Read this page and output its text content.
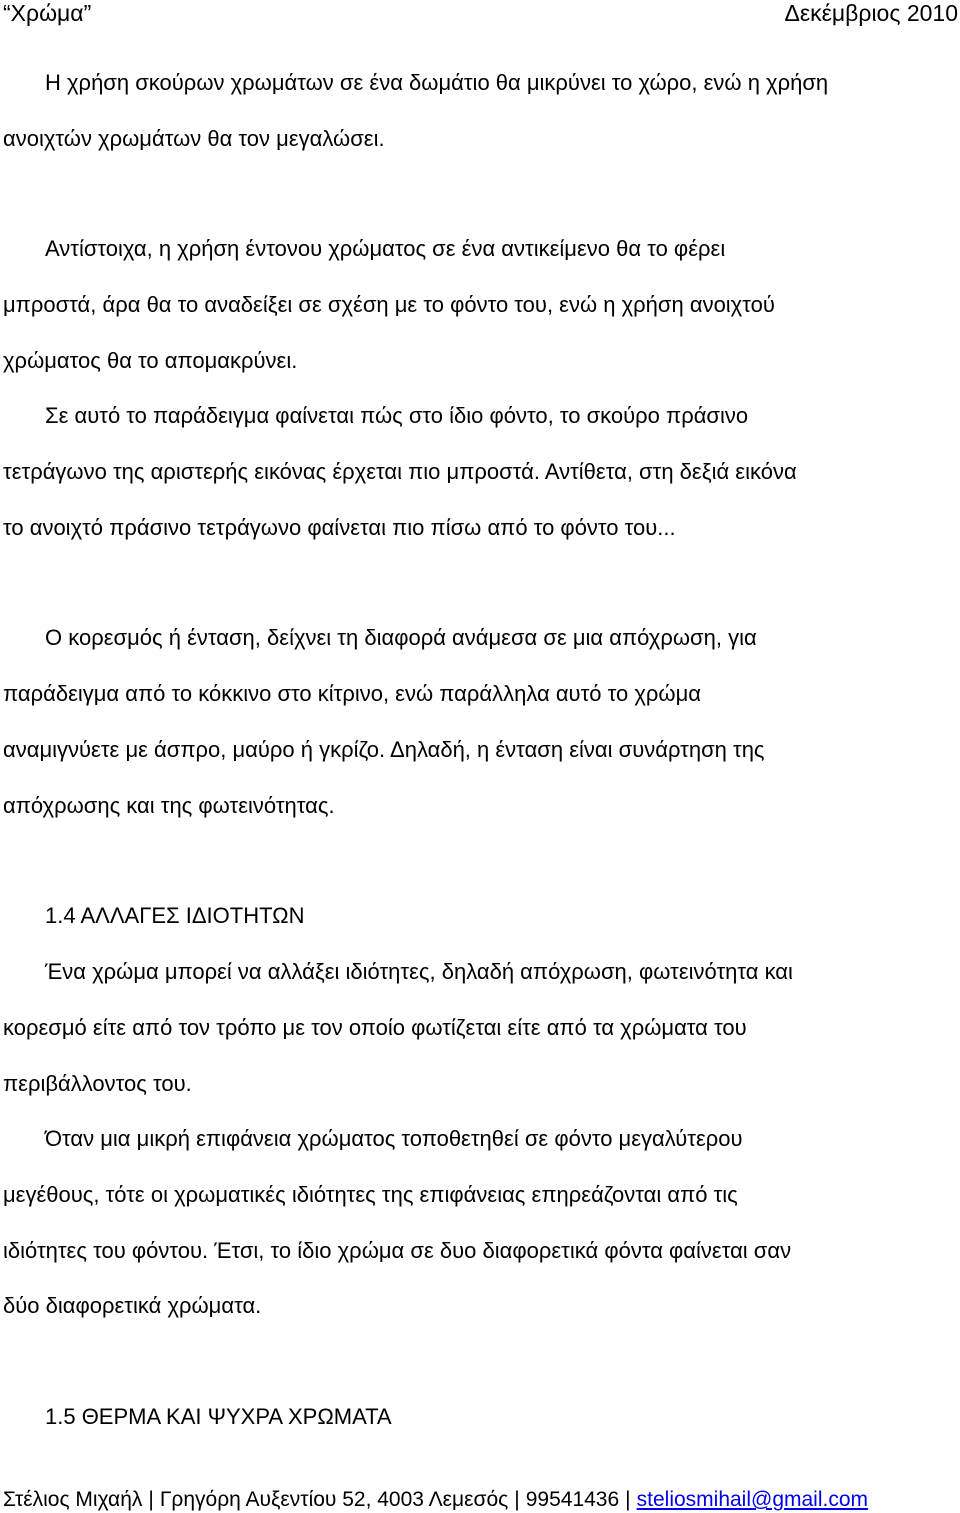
“Χρώμα”	Δεκέμβριος 2010
Η χρήση σκούρων χρωμάτων σε ένα δωμάτιο θα μικρύνει το χώρο, ενώ η χρήση
ανοιχτών χρωμάτων θα τον μεγαλώσει.
Αντίστοιχα, η χρήση έντονου χρώματος σε ένα αντικείμενο θα το φέρει
μπροστά, άρα θα το αναδείξει σε σχέση με το φόντο του, ενώ η χρήση ανοιχτού
χρώματος θα το απομακρύνει.
Σε αυτό το παράδειγμα φαίνεται πώς στο ίδιο φόντο, το σκούρο πράσινο
τετράγωνο της αριστερής εικόνας έρχεται πιο μπροστά. Αντίθετα, στη δεξιά εικόνα
το ανοιχτό πράσινο τετράγωνο φαίνεται πιο πίσω από το φόντο του...
Ο κορεσμός ή ένταση, δείχνει τη διαφορά ανάμεσα σε μια απόχρωση, για
παράδειγμα από το κόκκινο στο κίτρινο, ενώ παράλληλα αυτό το χρώμα
αναμιγνύετε με άσπρο, μαύρο ή γκρίζο. Δηλαδή, η ένταση είναι συνάρτηση της
απόχρωσης και της φωτεινότητας.
1.4 ΑΛΛΑΓΕΣ ΙΔΙΟΤΗΤΩΝ
Ένα χρώμα μπορεί να αλλάξει ιδιότητες, δηλαδή απόχρωση, φωτεινότητα και
κορεσμό είτε από τον τρόπο με τον οποίο φωτίζεται είτε από τα χρώματα του
περιβάλλοντος του.
Όταν μια μικρή επιφάνεια χρώματος τοποθετηθεί σε φόντο μεγαλύτερου
μεγέθους, τότε οι χρωματικές ιδιότητες της επιφάνειας επηρεάζονται από τις
ιδιότητες του φόντου. Έτσι, το ίδιο χρώμα σε δυο διαφορετικά φόντα φαίνεται σαν
δύο διαφορετικά χρώματα.
1.5 ΘΕΡΜΑ ΚΑΙ ΨΥΧΡΑ ΧΡΩΜΑΤΑ
Στέλιος Μιχαήλ | Γρηγόρη Αυξεντίου 52, 4003 Λεμεσός | 99541436 | steliosmihail@gmail.com
